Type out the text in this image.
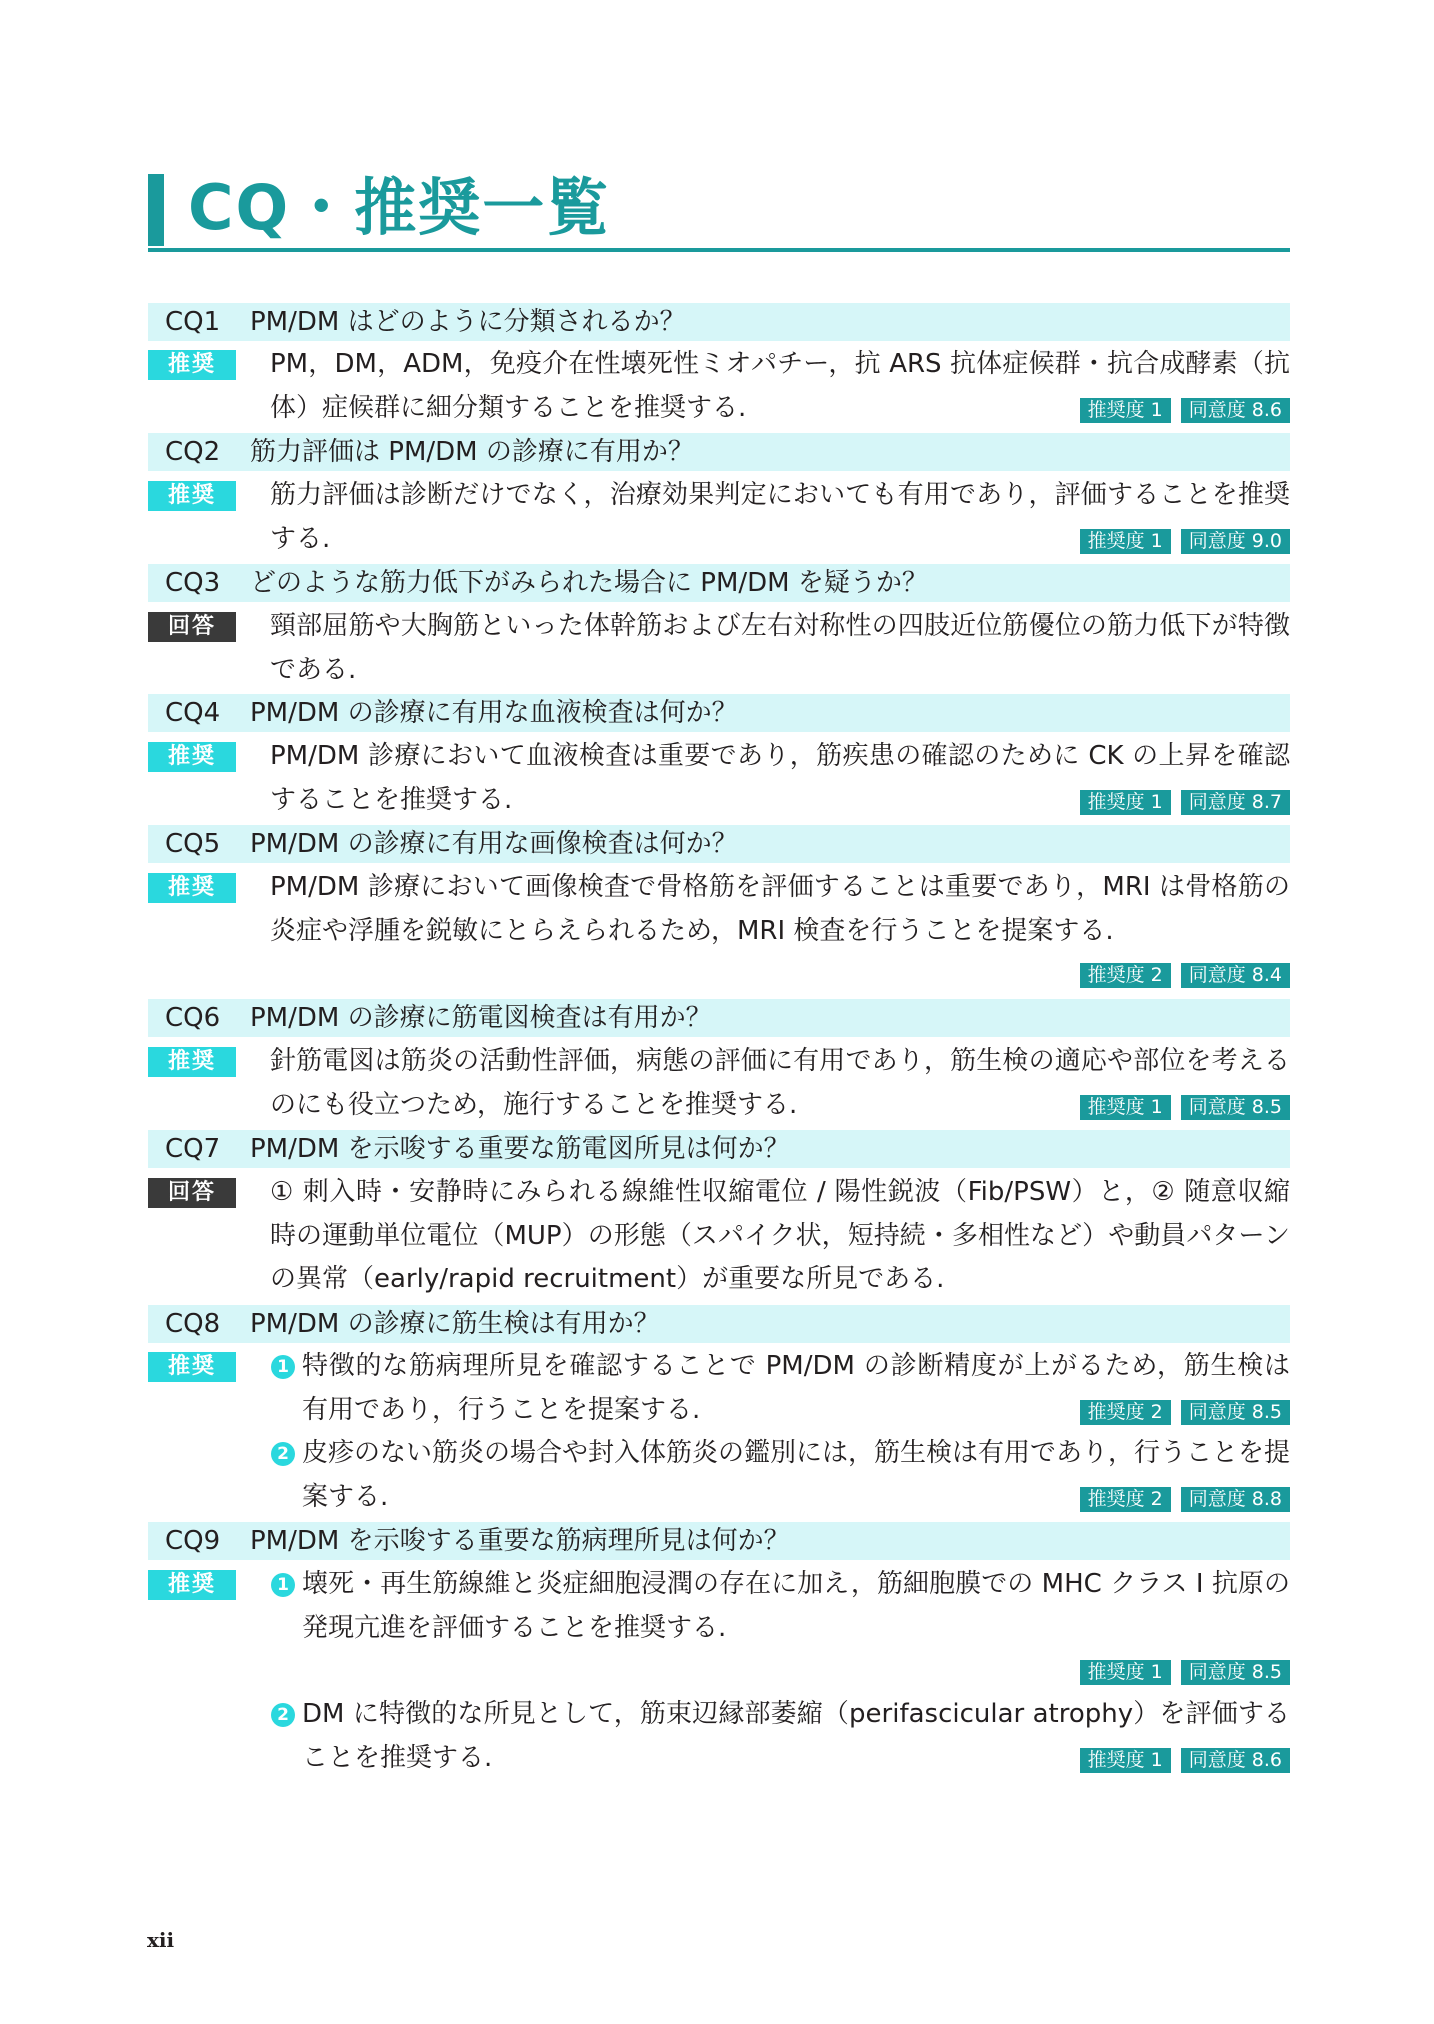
CQ・推奨一覧
CQ1 PM/DM はどのように分類されるか？
推奨	PM，DM，ADM，免疫介在性壊死性ミオパチー，抗 ARS 抗体症候群・抗合成酵素（抗体）症候群に細分類することを推奨する.	推奨度 1	同意度 8.6
CQ2 筋力評価は PM/DM の診療に有用か？
推奨	筋力評価は診断だけでなく，治療効果判定においても有用であり，評価することを推奨する.	推奨度 1	同意度 9.0
CQ3 どのような筋力低下がみられた場合に PM/DM を疑うか？
回答	頸部屈筋や大胸筋といった体幹筋および左右対称性の四肢近位筋優位の筋力低下が特徴である.
CQ4 PM/DM の診療に有用な血液検査は何か？
推奨	PM/DM 診療において血液検査は重要であり，筋疾患の確認のために CK の上昇を確認することを推奨する.	推奨度 1	同意度 8.7
CQ5 PM/DM の診療に有用な画像検査は何か？
推奨	PM/DM 診療において画像検査で骨格筋を評価することは重要であり，MRI は骨格筋の炎症や浮腫を鋭敏にとらえられるため，MRI 検査を行うことを提案する.
推奨度 2	同意度 8.4
CQ6 PM/DM の診療に筋電図検査は有用か？
推奨	針筋電図は筋炎の活動性評価，病態の評価に有用であり，筋生検の適応や部位を考えるのにも役立つため，施行することを推奨する.	推奨度 1	同意度 8.5
CQ7 PM/DM を示唆する重要な筋電図所見は何か？
回答	① 刺入時・安静時にみられる線維性収縮電位 / 陽性鋭波（Fib/PSW）と，② 随意収縮時の運動単位電位（MUP）の形態（スパイク状，短持続・多相性など）や動員パターンの異常（early/rapid recruitment）が重要な所見である.
CQ8 PM/DM の診療に筋生検は有用か？
推奨	1 特徴的な筋病理所見を確認することで PM/DM の診断精度が上がるため，筋生検は有用であり，行うことを提案する.	推奨度 2	同意度 8.5
2 皮疹のない筋炎の場合や封入体筋炎の鑑別には，筋生検は有用であり，行うことを提案する.	推奨度 2	同意度 8.8
CQ9 PM/DM を示唆する重要な筋病理所見は何か？
推奨	1 壊死・再生筋線維と炎症細胞浸潤の存在に加え，筋細胞膜での MHC クラス I 抗原の発現亢進を評価することを推奨する.
推奨度 1	同意度 8.5
2 DM に特徴的な所見として，筋束辺縁部萎縮（perifascicular atrophy）を評価することを推奨する.	推奨度 1	同意度 8.6
xii
